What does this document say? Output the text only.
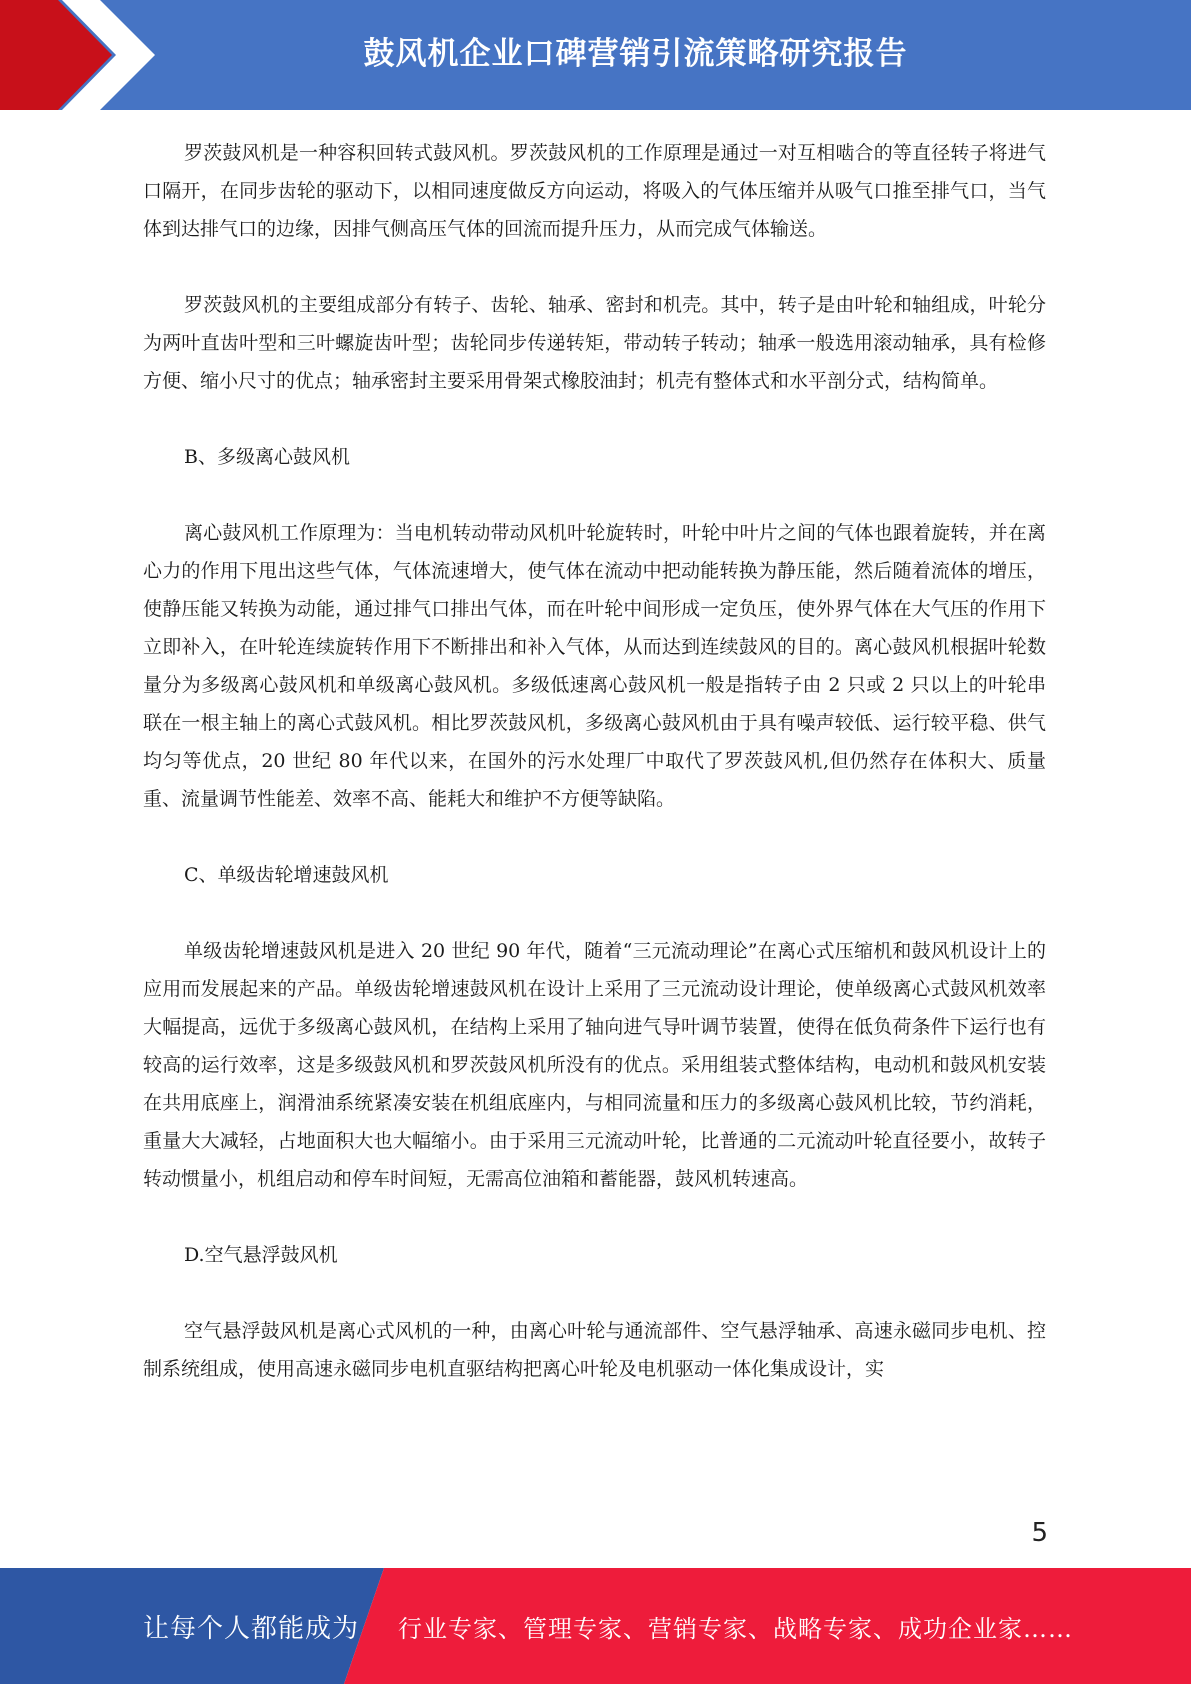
鼓风机企业口碑营销引流策略研究报告

罗茨鼓风机是一种容积回转式鼓风机。罗茨鼓风机的工作原理是通过一对互相啮合的等直径转子将进气口隔开，在同步齿轮的驱动下，以相同速度做反方向运动，将吸入的气体压缩并从吸气口推至排气口，当气体到达排气口的边缘，因排气侧高压气体的回流而提升压力，从而完成气体输送。

罗茨鼓风机的主要组成部分有转子、齿轮、轴承、密封和机壳。其中，转子是由叶轮和轴组成，叶轮分为两叶直齿叶型和三叶螺旋齿叶型；齿轮同步传递转矩，带动转子转动；轴承一般选用滚动轴承，具有检修方便、缩小尺寸的优点；轴承密封主要采用骨架式橡胶油封；机壳有整体式和水平剖分式，结构简单。

B、多级离心鼓风机

离心鼓风机工作原理为：当电机转动带动风机叶轮旋转时，叶轮中叶片之间的气体也跟着旋转，并在离心力的作用下甩出这些气体，气体流速增大，使气体在流动中把动能转换为静压能，然后随着流体的增压，使静压能又转换为动能，通过排气口排出气体，而在叶轮中间形成一定负压，使外界气体在大气压的作用下立即补入，在叶轮连续旋转作用下不断排出和补入气体，从而达到连续鼓风的目的。离心鼓风机根据叶轮数量分为多级离心鼓风机和单级离心鼓风机。多级低速离心鼓风机一般是指转子由 2 只或 2 只以上的叶轮串联在一根主轴上的离心式鼓风机。相比罗茨鼓风机，多级离心鼓风机由于具有噪声较低、运行较平稳、供气均匀等优点，20 世纪 80 年代以来，在国外的污水处理厂中取代了罗茨鼓风机,但仍然存在体积大、质量重、流量调节性能差、效率不高、能耗大和维护不方便等缺陷。

C、单级齿轮增速鼓风机

单级齿轮增速鼓风机是进入 20 世纪 90 年代，随着“三元流动理论”在离心式压缩机和鼓风机设计上的应用而发展起来的产品。单级齿轮增速鼓风机在设计上采用了三元流动设计理论，使单级离心式鼓风机效率大幅提高，远优于多级离心鼓风机，在结构上采用了轴向进气导叶调节装置，使得在低负荷条件下运行也有较高的运行效率，这是多级鼓风机和罗茨鼓风机所没有的优点。采用组装式整体结构，电动机和鼓风机安装在共用底座上，润滑油系统紧凑安装在机组底座内，与相同流量和压力的多级离心鼓风机比较，节约消耗，重量大大减轻，占地面积大也大幅缩小。由于采用三元流动叶轮，比普通的二元流动叶轮直径要小，故转子转动惯量小，机组启动和停车时间短，无需高位油箱和蓄能器，鼓风机转速高。

D.空气悬浮鼓风机

空气悬浮鼓风机是离心式风机的一种，由离心叶轮与通流部件、空气悬浮轴承、高速永磁同步电机、控制系统组成，使用高速永磁同步电机直驱结构把离心叶轮及电机驱动一体化集成设计，实

5
让每个人都能成为 行业专家、管理专家、营销专家、战略专家、成功企业家……
